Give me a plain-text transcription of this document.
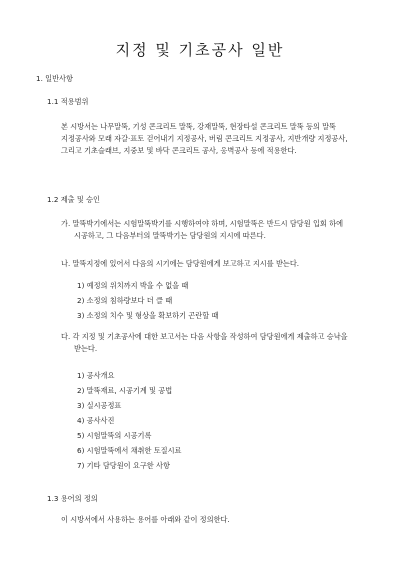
지정 및 기초공사 일반
1. 일반사항
1.1 적용범위
본 시방서는 나무말뚝, 기성 콘크리트 말뚝, 강재말뚝, 현장타설 콘크리트 말뚝 등의 말뚝 지정공사와 모래 자갈·표토 걷어내기 지정공사, 버림 콘크리트 지정공사, 지반개량 지정공사, 그리고 기초슬래브, 지중보 및 바닥 콘크리트 공사, 옹벽공사 등에 적용한다.
1.2 제출 및 승인
가. 말뚝박기에서는 시험말뚝박기를 시행하여야 하며, 시험말뚝은 반드시 담당원 입회 하에 시공하고, 그 다음부터의 말뚝박기는 담당원의 지시에 따른다.
나. 말뚝지정에 있어서 다음의 시기에는 담당원에게 보고하고 지시를 받는다.
1) 예정의 위치까지 박을 수 없을 때
2) 소정의 침하량보다 더 클 때
3) 소정의 치수 및 형상을 확보하기 곤란할 때
다. 각 지정 및 기초공사에 대한 보고서는 다음 사항을 작성하여 담당원에게 제출하고 승낙을 받는다.
1) 공사개요
2) 말뚝재료, 시공기계 및 공법
3) 실시공정표
4) 공사사진
5) 시험말뚝의 시공기록
6) 시험말뚝에서 채취한 토질시료
7) 기타 담당원이 요구한 사항
1.3 용어의 정의
이 시방서에서 사용하는 용어를 아래와 같이 정의한다.
